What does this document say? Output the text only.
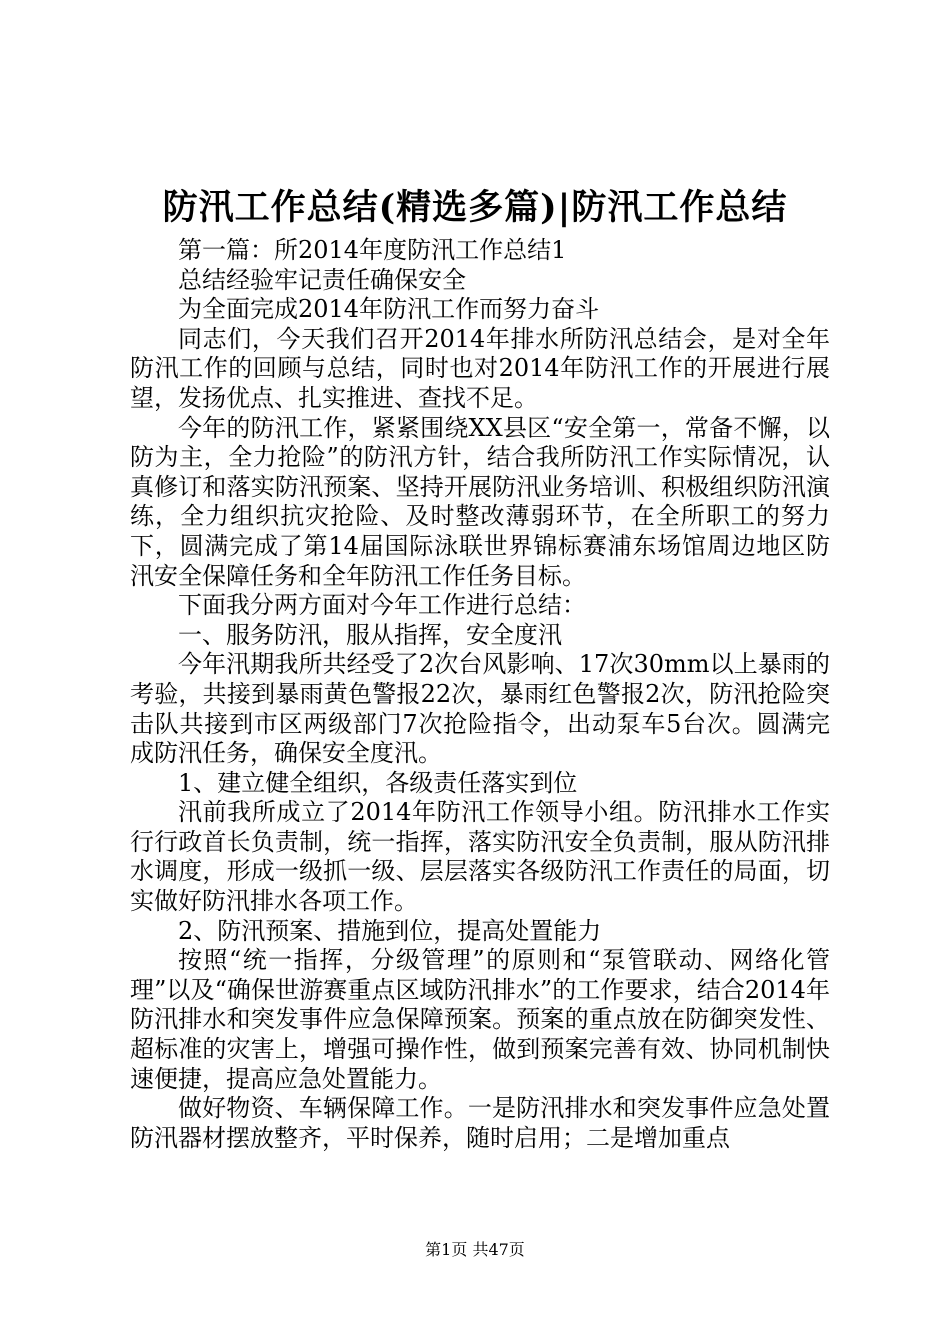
防汛工作总结(精选多篇)|防汛工作总结

第一篇：所2014年度防汛工作总结1

总结经验牢记责任确保安全

为全面完成2014年防汛工作而努力奋斗

同志们，今天我们召开2014年排水所防汛总结会，是对全年防汛工作的回顾与总结，同时也对2014年防汛工作的开展进行展望，发扬优点、扎实推进、查找不足。

今年的防汛工作，紧紧围绕XX县区“安全第一，常备不懈，以防为主，全力抢险”的防汛方针，结合我所防汛工作实际情况，认真修订和落实防汛预案、坚持开展防汛业务培训、积极组织防汛演练，全力组织抗灾抢险、及时整改薄弱环节，在全所职工的努力下，圆满完成了第14届国际泳联世界锦标赛浦东场馆周边地区防汛安全保障任务和全年防汛工作任务目标。

下面我分两方面对今年工作进行总结：

一、服务防汛，服从指挥，安全度汛

今年汛期我所共经受了2次台风影响、17次30mm以上暴雨的考验，共接到暴雨黄色警报22次，暴雨红色警报2次，防汛抢险突击队共接到市区两级部门7次抢险指令，出动泵车5台次。圆满完成防汛任务，确保安全度汛。

1、建立健全组织，各级责任落实到位

汛前我所成立了2014年防汛工作领导小组。防汛排水工作实行行政首长负责制，统一指挥，落实防汛安全负责制，服从防汛排水调度，形成一级抓一级、层层落实各级防汛工作责任的局面，切实做好防汛排水各项工作。

2、防汛预案、措施到位，提高处置能力

按照“统一指挥，分级管理”的原则和“泵管联动、网络化管理”以及“确保世游赛重点区域防汛排水”的工作要求，结合2014年防汛排水和突发事件应急保障预案。预案的重点放在防御突发性、超标准的灾害上，增强可操作性，做到预案完善有效、协同机制快速便捷，提高应急处置能力。

做好物资、车辆保障工作。一是防汛排水和突发事件应急处置防汛器材摆放整齐，平时保养，随时启用；二是增加重点

第1页 共47页
